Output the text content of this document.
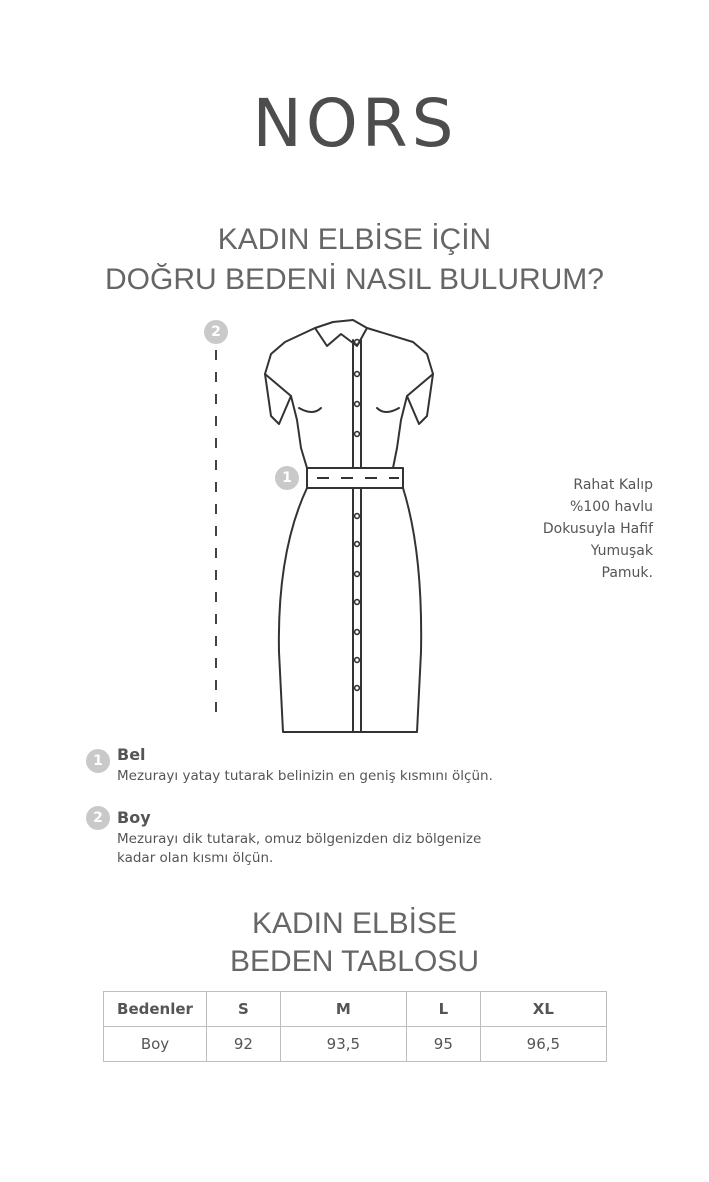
NORS
KADIN ELBİSE İÇİN
DOĞRU BEDENİ NASIL BULURUM?
2
1	Rahat Kalıp
%100 havlu
Dokusuyla Hafif
Yumuşak
Pamuk.
1 Bel
Mezurayı yatay tutarak belinizin en geniş kısmını ölçün.
2 Boy
Mezurayı dik tutarak, omuz bölgenizden diz bölgenize
kadar olan kısmı ölçün.
KADIN ELBİSE
BEDEN TABLOSU
Bedenler	S	M	L	XL
Boy	92	93,5	95	96,5
